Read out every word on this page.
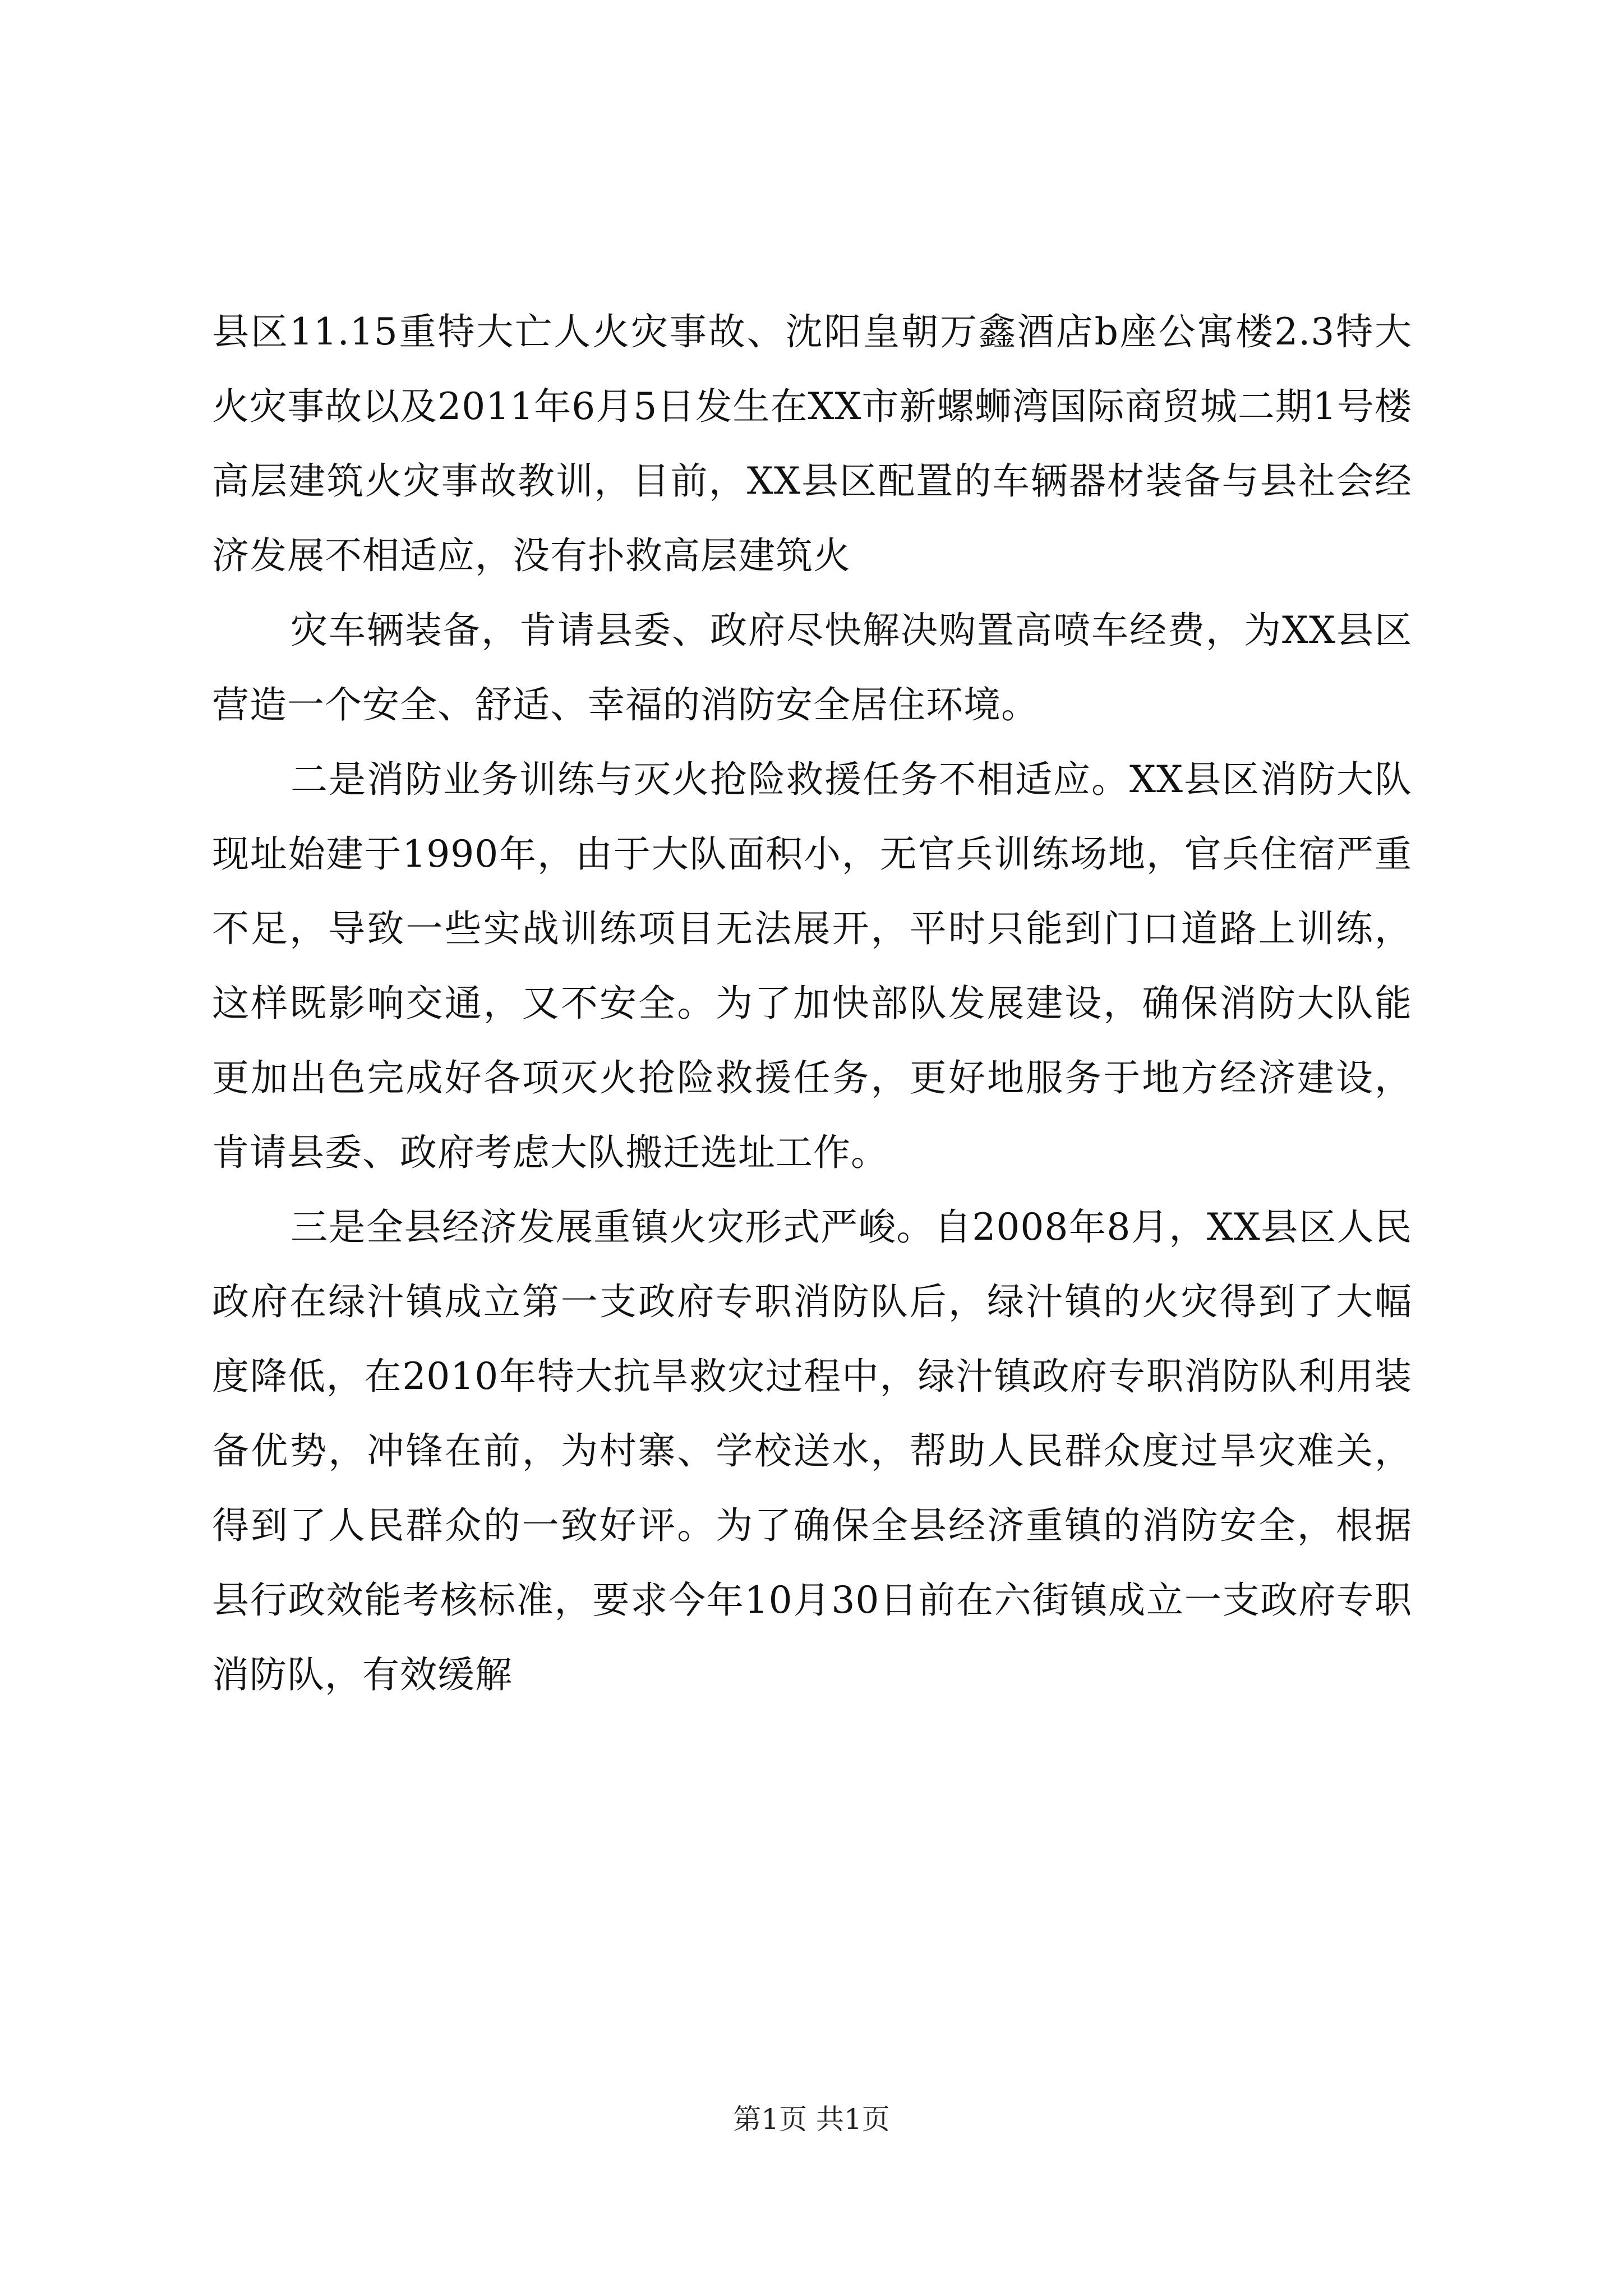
县区11.15重特大亡人火灾事故、沈阳皇朝万鑫酒店b座公寓楼2.3特大火灾事故以及2011年6月5日发生在XX市新螺蛳湾国际商贸城二期1号楼高层建筑火灾事故教训，目前，XX县区配置的车辆器材装备与县社会经济发展不相适应，没有扑救高层建筑火

灾车辆装备，肯请县委、政府尽快解决购置高喷车经费，为XX县区营造一个安全、舒适、幸福的消防安全居住环境。

二是消防业务训练与灭火抢险救援任务不相适应。XX县区消防大队现址始建于1990年，由于大队面积小，无官兵训练场地，官兵住宿严重不足，导致一些实战训练项目无法展开，平时只能到门口道路上训练，这样既影响交通，又不安全。为了加快部队发展建设，确保消防大队能更加出色完成好各项灭火抢险救援任务，更好地服务于地方经济建设，肯请县委、政府考虑大队搬迁选址工作。

三是全县经济发展重镇火灾形式严峻。自2008年8月，XX县区人民政府在绿汁镇成立第一支政府专职消防队后，绿汁镇的火灾得到了大幅度降低，在2010年特大抗旱救灾过程中，绿汁镇政府专职消防队利用装备优势，冲锋在前，为村寨、学校送水，帮助人民群众度过旱灾难关，得到了人民群众的一致好评。为了确保全县经济重镇的消防安全，根据县行政效能考核标准，要求今年10月30日前在六街镇成立一支政府专职消防队，有效缓解

第1页 共1页
